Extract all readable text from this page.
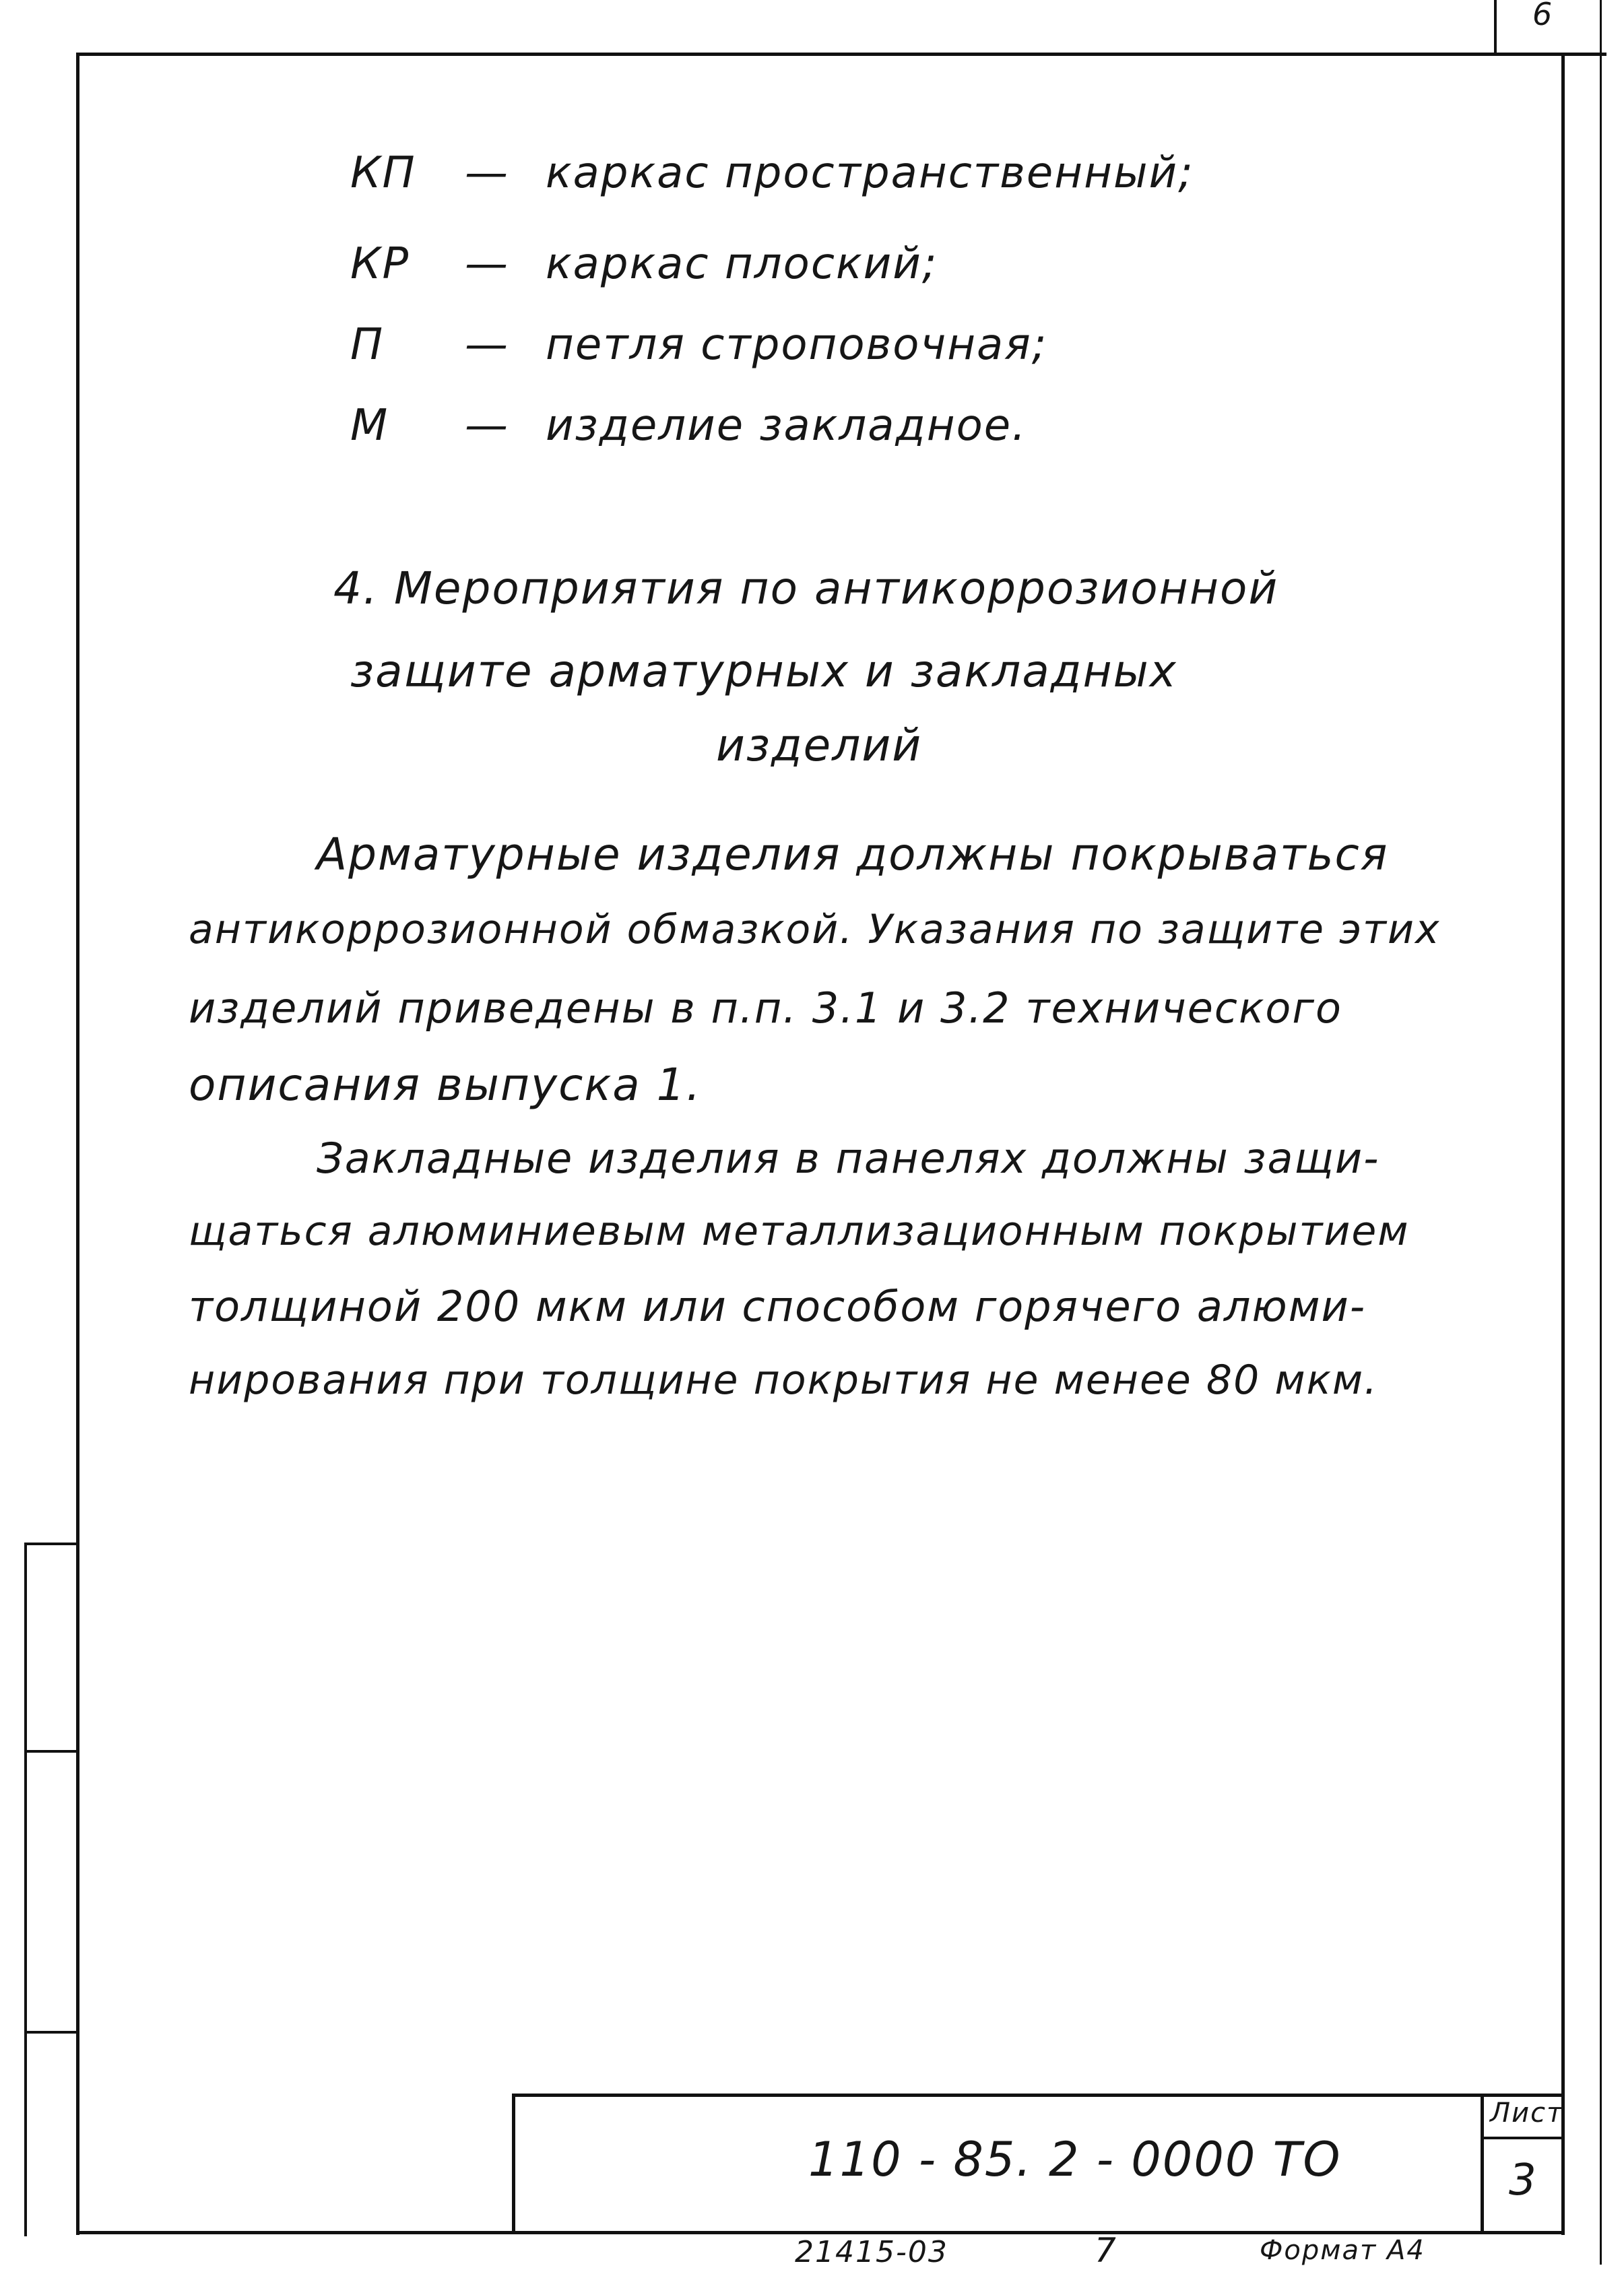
6
КП — каркас пространственный;
КР — каркас плоский;
П — петля строповочная;
М — изделие закладное.
4. Мероприятия по антикоррозионной
защите арматурных и закладных
изделий
Арматурные изделия должны покрываться
антикоррозионной обмазкой. Указания по защите этих
изделий приведены в п.п. 3.1 и 3.2 технического
описания выпуска 1.
Закладные изделия в панелях должны защи-
щаться алюминиевым металлизационным покрытием
толщиной 200 мкм или способом горячего алюми-
нирования при толщине покрытия не менее 80 мкм.
110 - 85. 2 - 0000 ТО
Лист
3
21415-03	7	Формат А4
